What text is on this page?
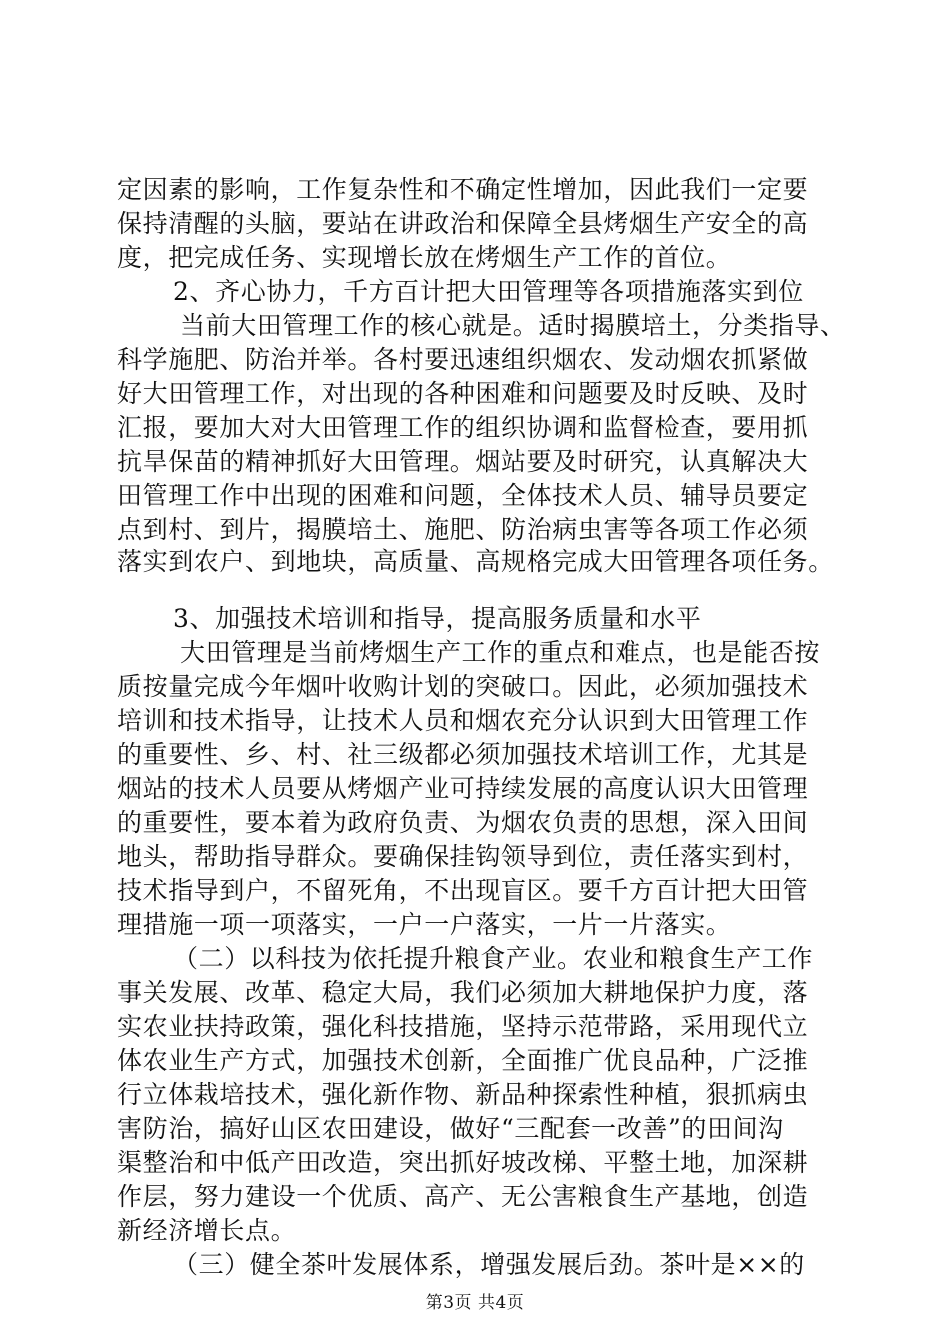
定因素的影响，工作复杂性和不确定性增加，因此我们一定要
保持清醒的头脑，要站在讲政治和保障全县烤烟生产安全的高
度，把完成任务、实现增长放在烤烟生产工作的首位。
2、齐心协力，千方百计把大田管理等各项措施落实到位
当前大田管理工作的核心就是。适时揭膜培土，分类指导、
科学施肥、防治并举。各村要迅速组织烟农、发动烟农抓紧做
好大田管理工作，对出现的各种困难和问题要及时反映、及时
汇报，要加大对大田管理工作的组织协调和监督检查，要用抓
抗旱保苗的精神抓好大田管理。烟站要及时研究，认真解决大
田管理工作中出现的困难和问题，全体技术人员、辅导员要定
点到村、到片，揭膜培土、施肥、防治病虫害等各项工作必须
落实到农户、到地块，高质量、高规格完成大田管理各项任务。
3、加强技术培训和指导，提高服务质量和水平
大田管理是当前烤烟生产工作的重点和难点，也是能否按
质按量完成今年烟叶收购计划的突破口。因此，必须加强技术
培训和技术指导，让技术人员和烟农充分认识到大田管理工作
的重要性、乡、村、社三级都必须加强技术培训工作，尤其是
烟站的技术人员要从烤烟产业可持续发展的高度认识大田管理
的重要性，要本着为政府负责、为烟农负责的思想，深入田间
地头，帮助指导群众。要确保挂钩领导到位，责任落实到村，
技术指导到户，不留死角，不出现盲区。要千方百计把大田管
理措施一项一项落实，一户一户落实，一片一片落实。
（二）以科技为依托提升粮食产业。农业和粮食生产工作
事关发展、改革、稳定大局，我们必须加大耕地保护力度，落
实农业扶持政策，强化科技措施，坚持示范带路，采用现代立
体农业生产方式，加强技术创新，全面推广优良品种，广泛推
行立体栽培技术，强化新作物、新品种探索性种植，狠抓病虫
害防治，搞好山区农田建设，做好“三配套一改善”的田间沟
渠整治和中低产田改造，突出抓好坡改梯、平整土地，加深耕
作层，努力建设一个优质、高产、无公害粮食生产基地，创造
新经济增长点。
（三）健全茶叶发展体系，增强发展后劲。茶叶是××的
第3页 共4页
